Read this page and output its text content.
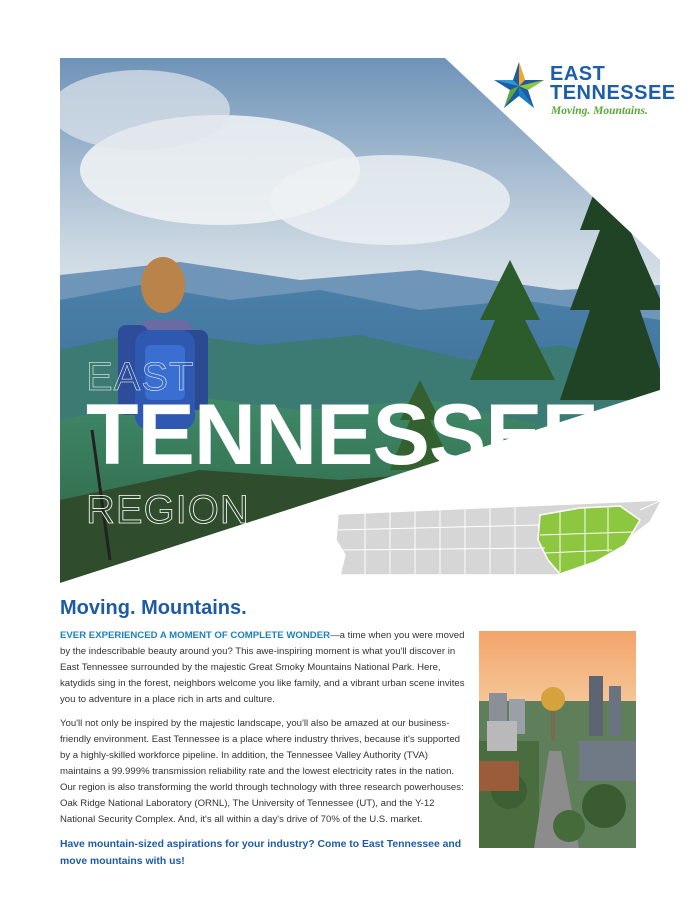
EAST
TENNESSEE
REGION
EAST
TENNESSEE
Moving. Mountains.
Moving. Mountains.

EVER EXPERIENCED A MOMENT OF COMPLETE WONDER—a time when you were moved by the indescribable beauty around you? This awe-inspiring moment is what you'll discover in East Tennessee surrounded by the majestic Great Smoky Mountains National Park. Here, katydids sing in the forest, neighbors welcome you like family, and a vibrant urban scene invites you to adventure in a place rich in arts and culture.

You'll not only be inspired by the majestic landscape, you'll also be amazed at our business-friendly environment. East Tennessee is a place where industry thrives, because it's supported by a highly-skilled workforce pipeline. In addition, the Tennessee Valley Authority (TVA) maintains a 99.999% transmission reliability rate and the lowest electricity rates in the nation. Our region is also transforming the world through technology with three research powerhouses: Oak Ridge National Laboratory (ORNL), The University of Tennessee (UT), and the Y-12 National Security Complex. And, it's all within a day's drive of 70% of the U.S. market.

Have mountain-sized aspirations for your industry? Come to East Tennessee and move mountains with us!
